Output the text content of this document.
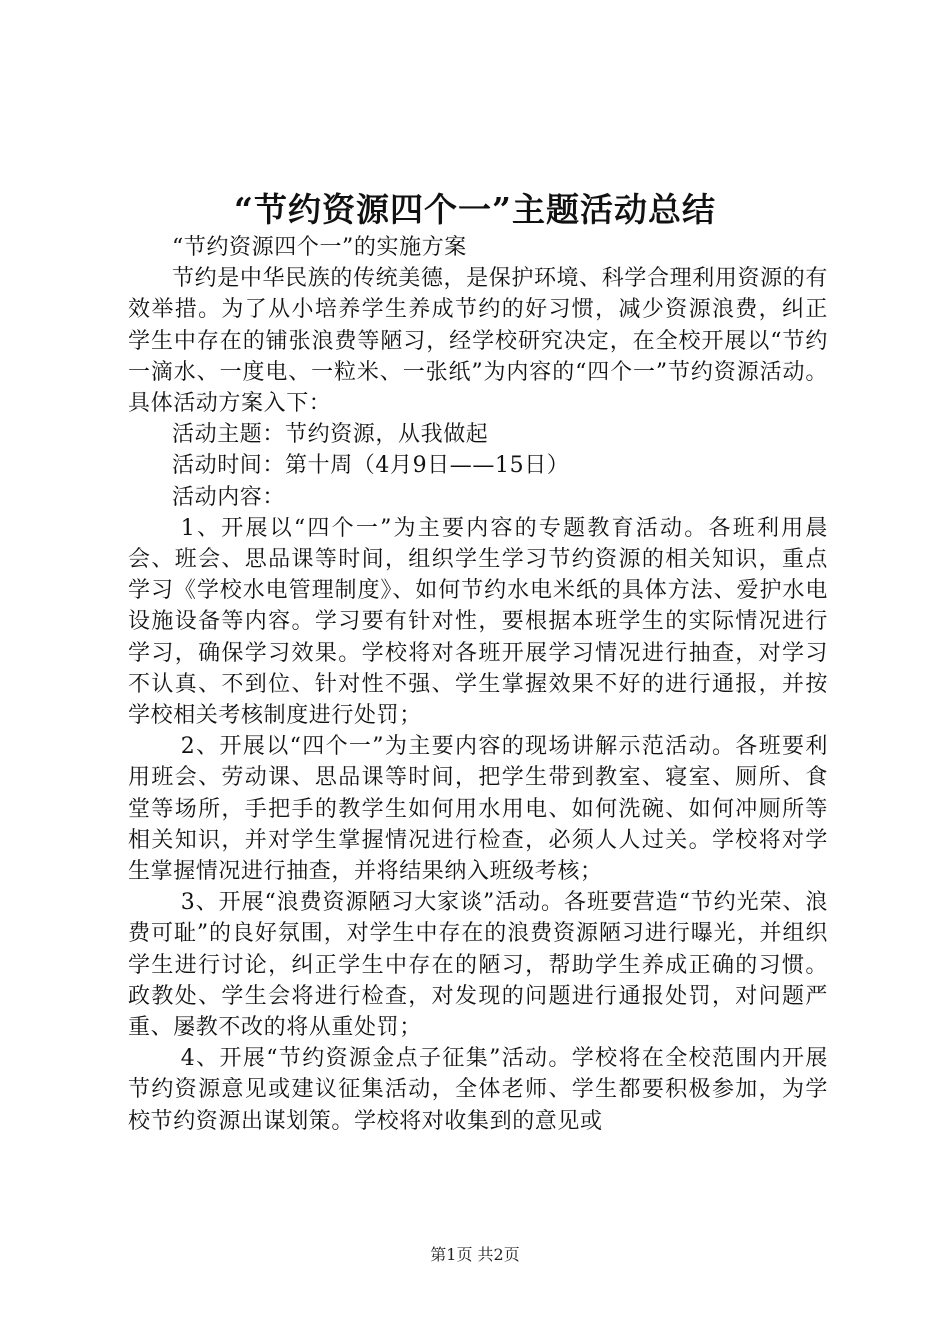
“节约资源四个一”主题活动总结

“节约资源四个一”的实施方案

节约是中华民族的传统美德，是保护环境、科学合理利用资源的有效举措。为了从小培养学生养成节约的好习惯，减少资源浪费，纠正学生中存在的铺张浪费等陋习，经学校研究决定，在全校开展以“节约一滴水、一度电、一粒米、一张纸”为内容的“四个一”节约资源活动。具体活动方案入下：

活动主题：节约资源，从我做起

活动时间：第十周（4月9日——15日）

活动内容：

1、开展以“四个一”为主要内容的专题教育活动。各班利用晨会、班会、思品课等时间，组织学生学习节约资源的相关知识，重点学习《学校水电管理制度》、如何节约水电米纸的具体方法、爱护水电设施设备等内容。学习要有针对性，要根据本班学生的实际情况进行学习，确保学习效果。学校将对各班开展学习情况进行抽查，对学习不认真、不到位、针对性不强、学生掌握效果不好的进行通报，并按学校相关考核制度进行处罚；

2、开展以“四个一”为主要内容的现场讲解示范活动。各班要利用班会、劳动课、思品课等时间，把学生带到教室、寝室、厕所、食堂等场所，手把手的教学生如何用水用电、如何洗碗、如何冲厕所等相关知识，并对学生掌握情况进行检查，必须人人过关。学校将对学生掌握情况进行抽查，并将结果纳入班级考核；

3、开展“浪费资源陋习大家谈”活动。各班要营造“节约光荣、浪费可耻”的良好氛围，对学生中存在的浪费资源陋习进行曝光，并组织学生进行讨论，纠正学生中存在的陋习，帮助学生养成正确的习惯。政教处、学生会将进行检查，对发现的问题进行通报处罚，对问题严重、屡教不改的将从重处罚；

4、开展“节约资源金点子征集”活动。学校将在全校范围内开展节约资源意见或建议征集活动，全体老师、学生都要积极参加，为学校节约资源出谋划策。学校将对收集到的意见或

第1页 共2页
